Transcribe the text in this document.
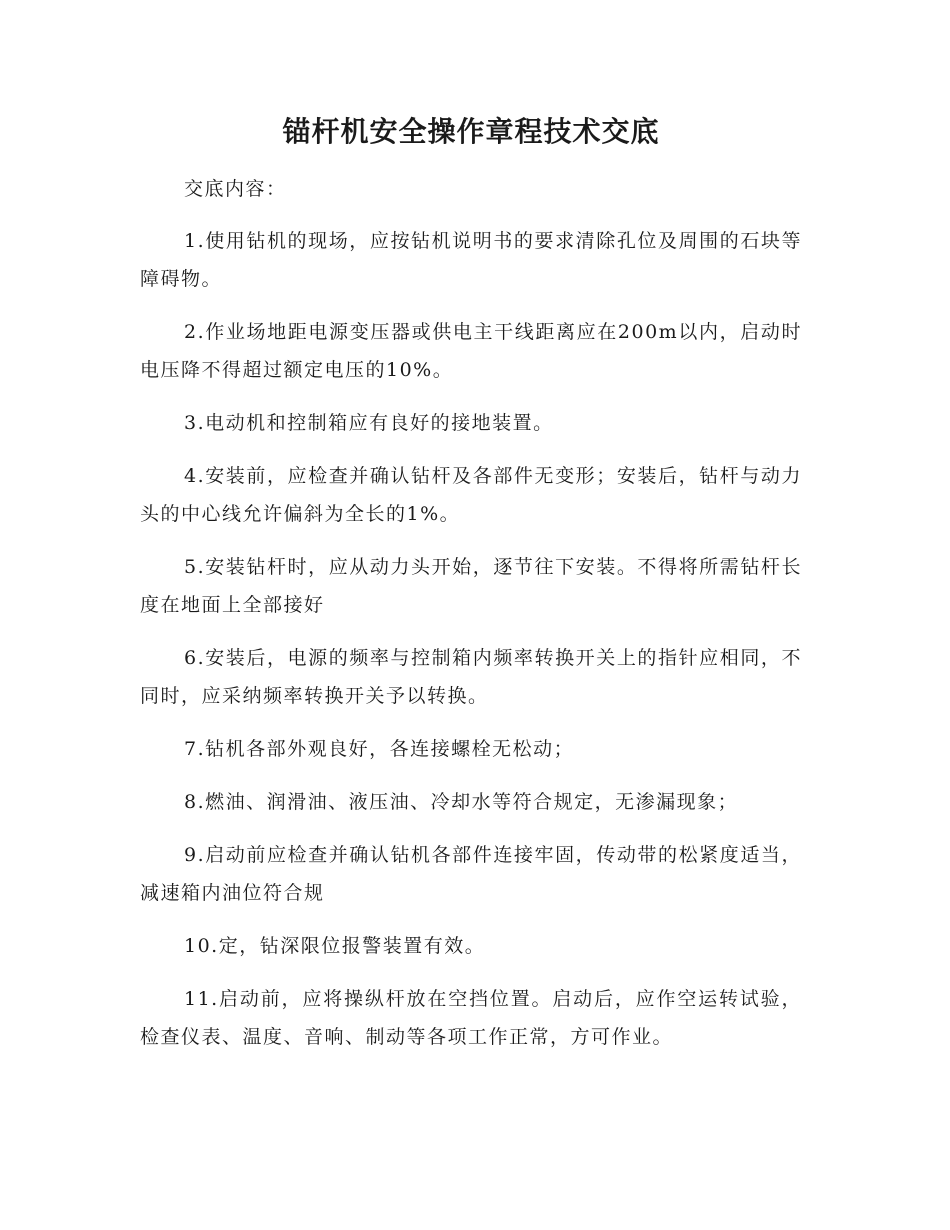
锚杆机安全操作章程技术交底

交底内容：

1.使用钻机的现场，应按钻机说明书的要求清除孔位及周围的石块等障碍物。

2.作业场地距电源变压器或供电主干线距离应在200m以内，启动时电压降不得超过额定电压的10%。

3.电动机和控制箱应有良好的接地装置。

4.安装前，应检查并确认钻杆及各部件无变形；安装后，钻杆与动力头的中心线允许偏斜为全长的1%。

5.安装钻杆时，应从动力头开始，逐节往下安装。不得将所需钻杆长度在地面上全部接好

6.安装后，电源的频率与控制箱内频率转换开关上的指针应相同，不同时，应采纳频率转换开关予以转换。

7.钻机各部外观良好，各连接螺栓无松动；

8.燃油、润滑油、液压油、冷却水等符合规定，无渗漏现象；

9.启动前应检查并确认钻机各部件连接牢固，传动带的松紧度适当，减速箱内油位符合规

10.定，钻深限位报警装置有效。

11.启动前，应将操纵杆放在空挡位置。启动后，应作空运转试验，检查仪表、温度、音响、制动等各项工作正常，方可作业。
